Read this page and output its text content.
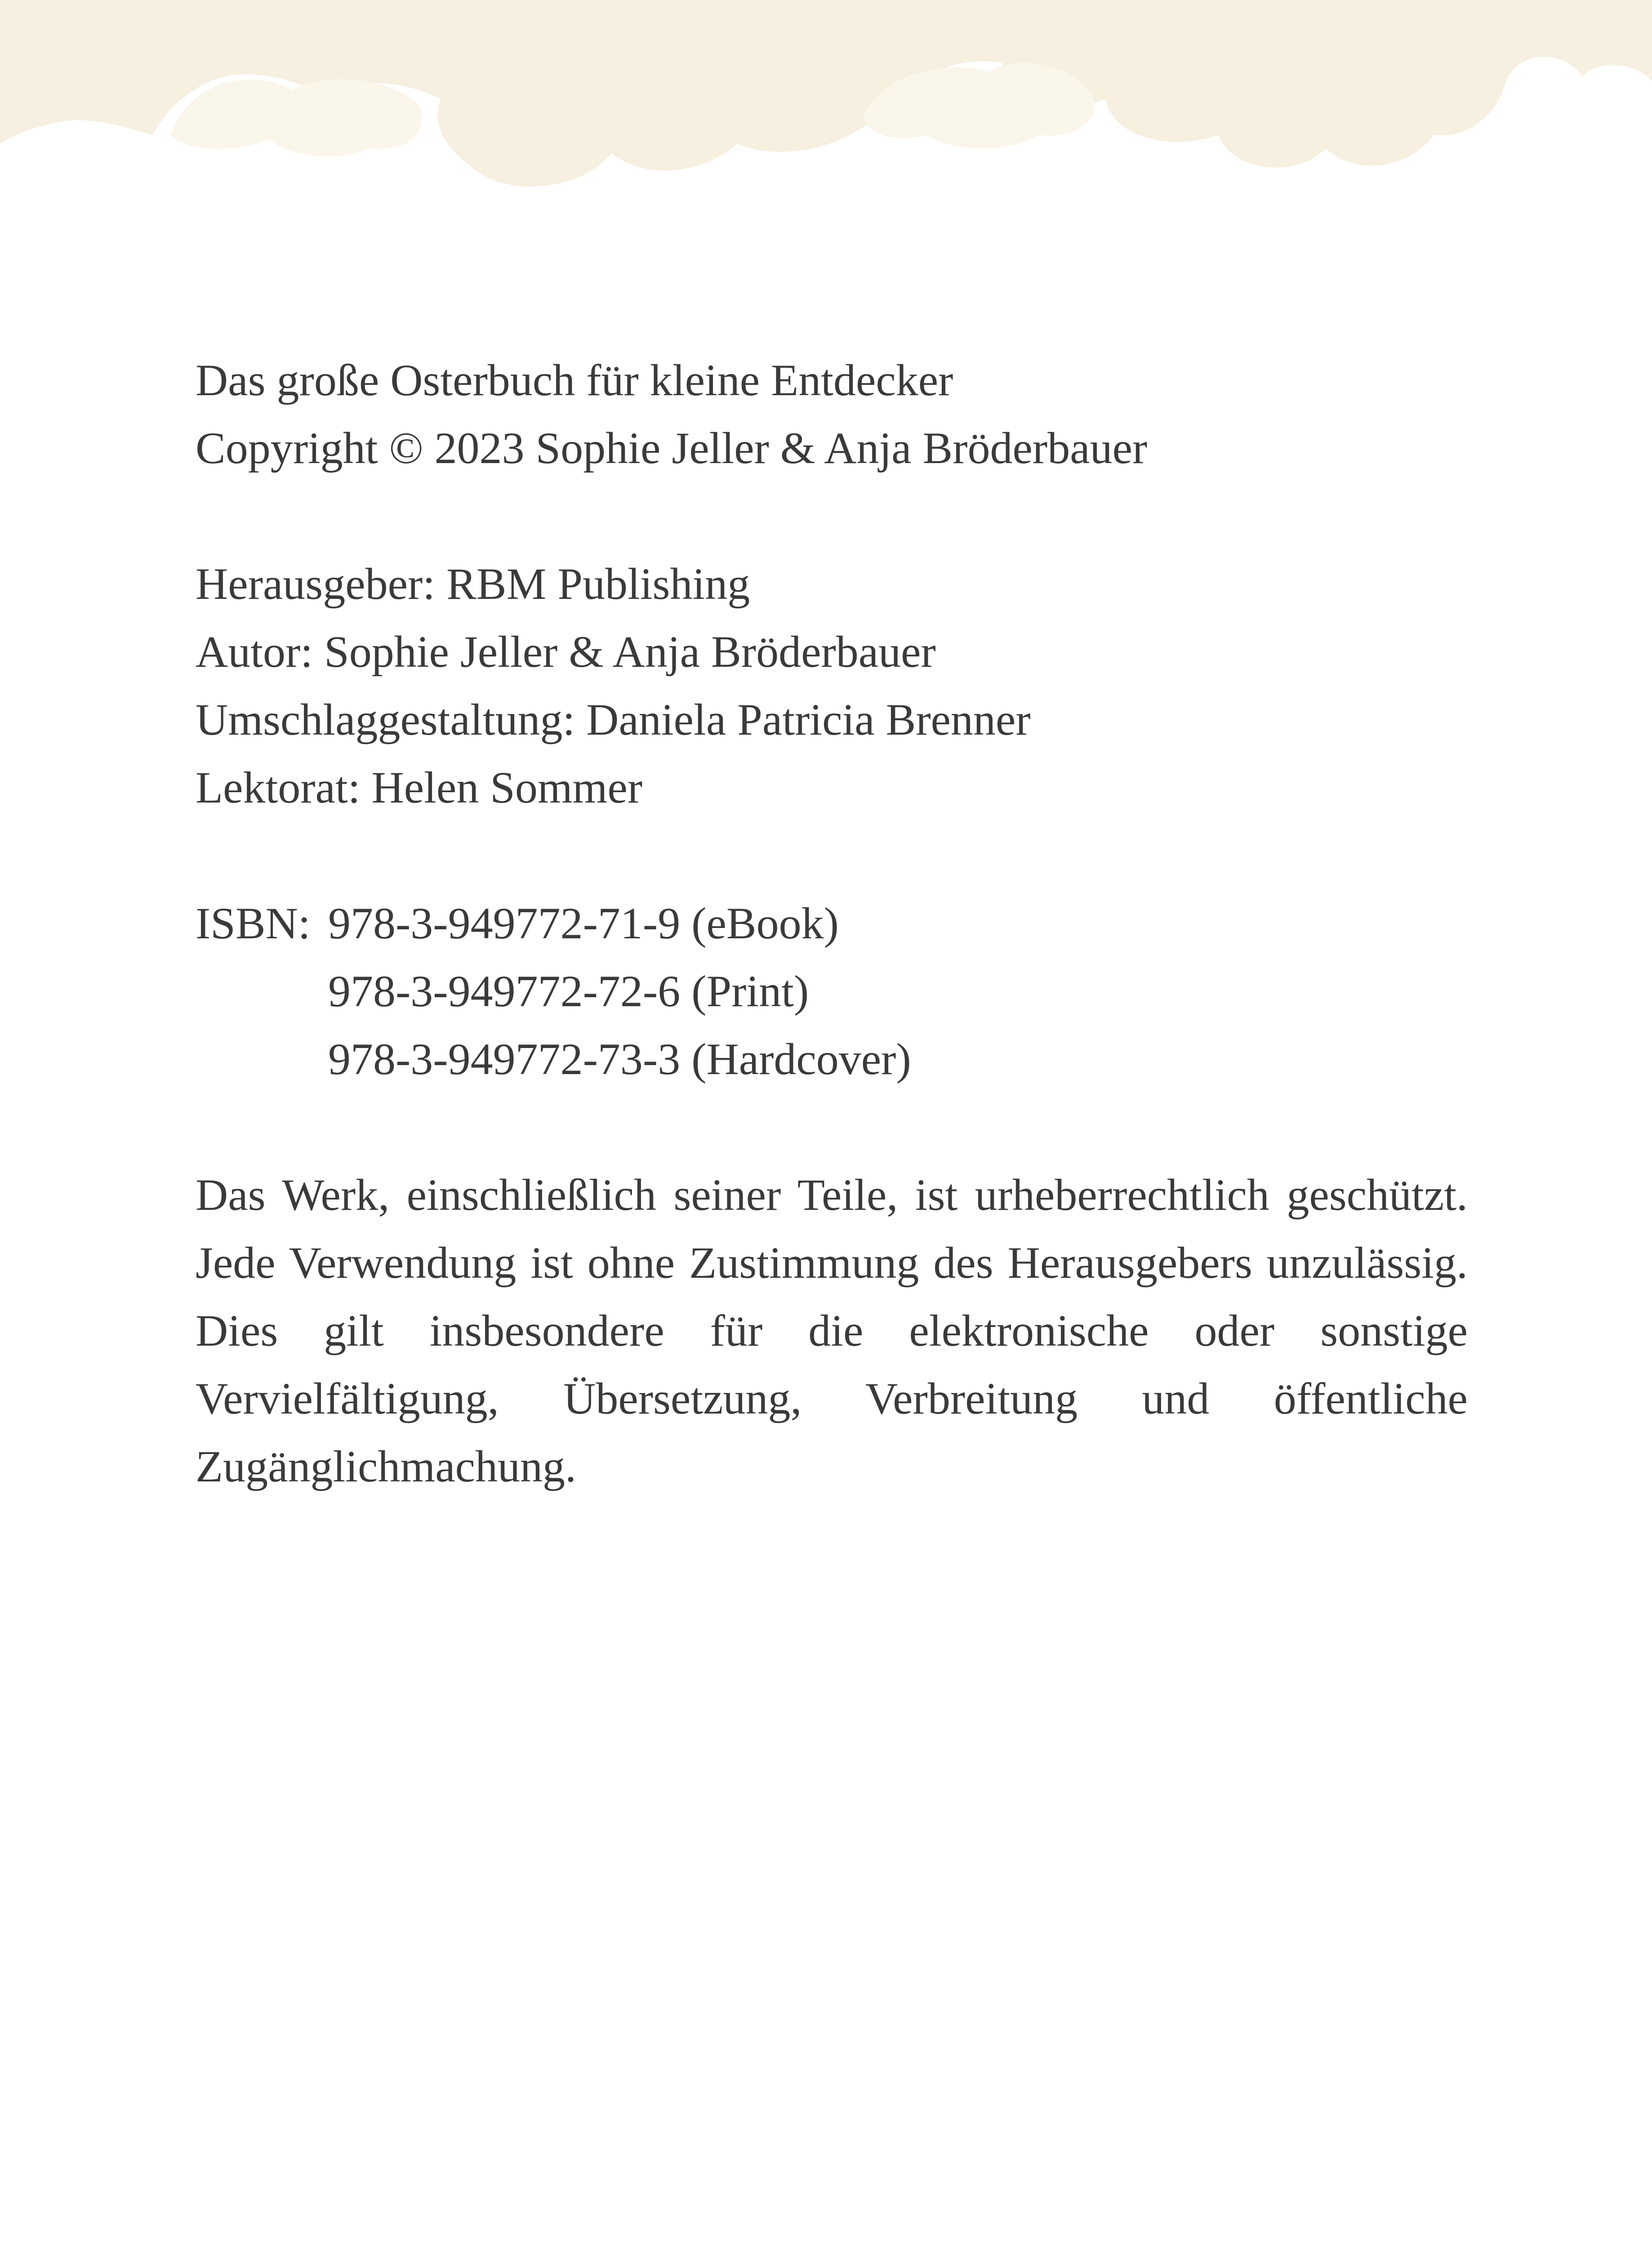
Das große Osterbuch für kleine Entdecker
Copyright © 2023 Sophie Jeller & Anja Bröderbauer
Herausgeber: RBM Publishing
Autor: Sophie Jeller & Anja Bröderbauer
Umschlaggestaltung: Daniela Patricia Brenner
Lektorat: Helen Sommer
ISBN: 978-3-949772-71-9 (eBook)
978-3-949772-72-6 (Print)
978-3-949772-73-3 (Hardcover)

Das Werk, einschließlich seiner Teile, ist urheberrechtlich geschützt. Jede Verwendung ist ohne Zustimmung des Herausgebers unzulässig. Dies gilt insbesondere für die elektronische oder sonstige Vervielfältigung, Übersetzung, Verbreitung und öffentliche Zugänglichmachung.
